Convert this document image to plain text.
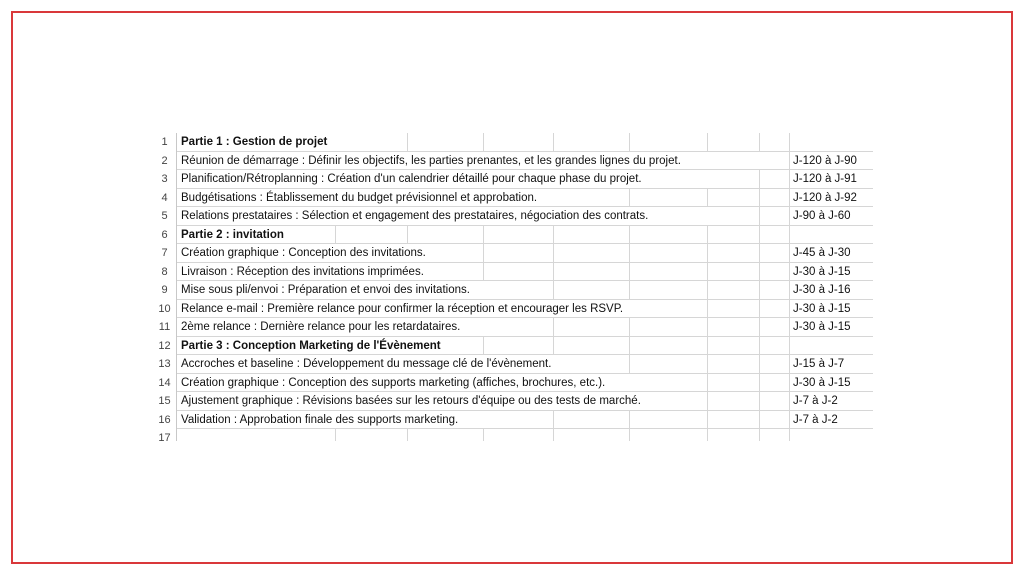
1	Partie 1 : Gestion de projet
2	Réunion de démarrage : Définir les objectifs, les parties prenantes, et les grandes lignes du projet.	J-120 à J-90
3	Planification/Rétroplanning : Création d'un calendrier détaillé pour chaque phase du projet.	J-120 à J-91
4	Budgétisations : Établissement du budget prévisionnel et approbation.	J-120 à J-92
5	Relations prestataires : Sélection et engagement des prestataires, négociation des contrats.	J-90 à J-60
6	Partie 2 : invitation
7	Création graphique : Conception des invitations.	J-45 à J-30
8	Livraison : Réception des invitations imprimées.	J-30 à J-15
9	Mise sous pli/envoi : Préparation et envoi des invitations.	J-30 à J-16
10 Relance e-mail : Première relance pour confirmer la réception et encourager les RSVP.	J-30 à J-15
11 2ème relance : Dernière relance pour les retardataires.	J-30 à J-15
12 Partie 3 : Conception Marketing de l'Évènement
13 Accroches et baseline : Développement du message clé de l'évènement.	J-15 à J-7
14 Création graphique : Conception des supports marketing (affiches, brochures, etc.).	J-30 à J-15
15 Ajustement graphique : Révisions basées sur les retours d'équipe ou des tests de marché.	J-7 à J-2
16 Validation : Approbation finale des supports marketing.	J-7 à J-2
17
